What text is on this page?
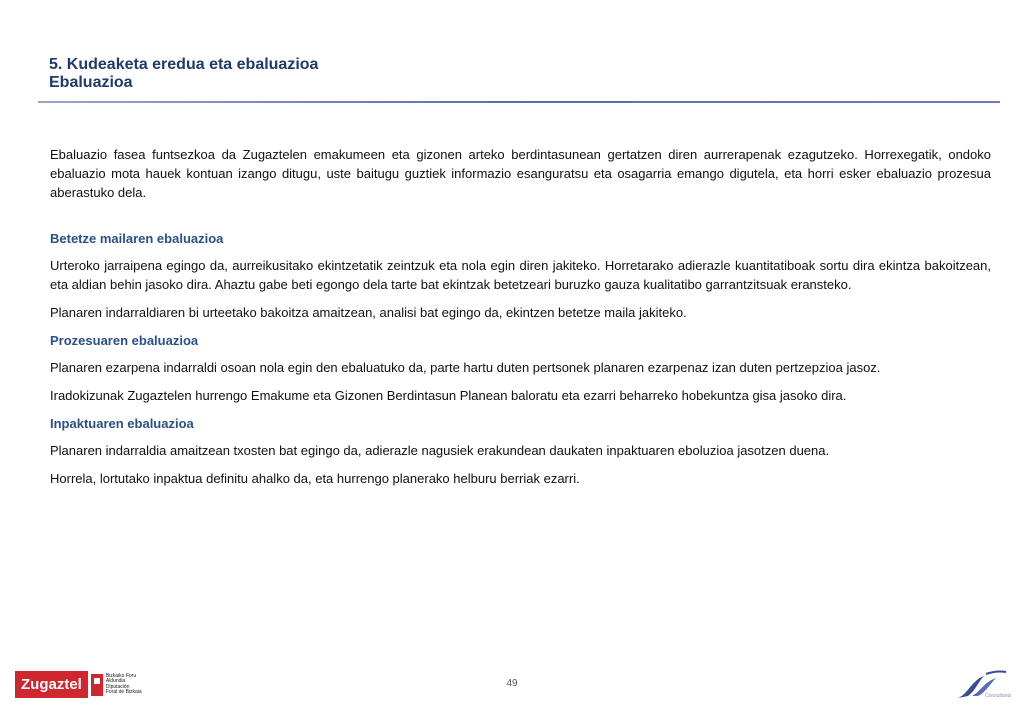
5. Kudeaketa eredua eta ebaluazioa
Ebaluazioa

Ebaluazio fasea funtsezkoa da Zugaztelen emakumeen eta gizonen arteko berdintasunean gertatzen diren aurrerapenak ezagutzeko. Horrexegatik, ondoko ebaluazio mota hauek kontuan izango ditugu, uste baitugu guztiek informazio esanguratsu eta osagarria emango digutela, eta horri esker ebaluazio prozesua aberastuko dela.

Betetze mailaren ebaluazioa

Urteroko jarraipena egingo da, aurreikusitako ekintzetatik zeintzuk eta nola egin diren jakiteko. Horretarako adierazle kuantitatiboak sortu dira ekintza bakoitzean, eta aldian behin jasoko dira. Ahaztu gabe beti egongo dela tarte bat ekintzak betetzeari buruzko gauza kualitatibo garrantzitsuak eransteko.

Planaren indarraldiaren bi urteetako bakoitza amaitzean, analisi bat egingo da, ekintzen betetze maila jakiteko.

Prozesuaren ebaluazioa

Planaren ezarpena indarraldi osoan nola egin den ebaluatuko da, parte hartu duten pertsonek planaren ezarpenaz izan duten pertzepzioa jasoz.

Iradokizunak Zugaztelen hurrengo Emakume eta Gizonen Berdintasun Planean baloratu eta ezarri beharreko hobekuntza gisa jasoko dira.

Inpaktuaren ebaluazioa

Planaren indarraldia amaitzean txosten bat egingo da, adierazle nagusiek erakundean daukaten inpaktuaren eboluzioa jasotzen duena.

Horrela, lortutako inpaktua definitu ahalko da, eta hurrengo planerako helburu berriak ezarri.

Zugaztel
Bizkaiko Foru
Aldundia
Diputación
Foral de Bizkaia
49
Consultants
